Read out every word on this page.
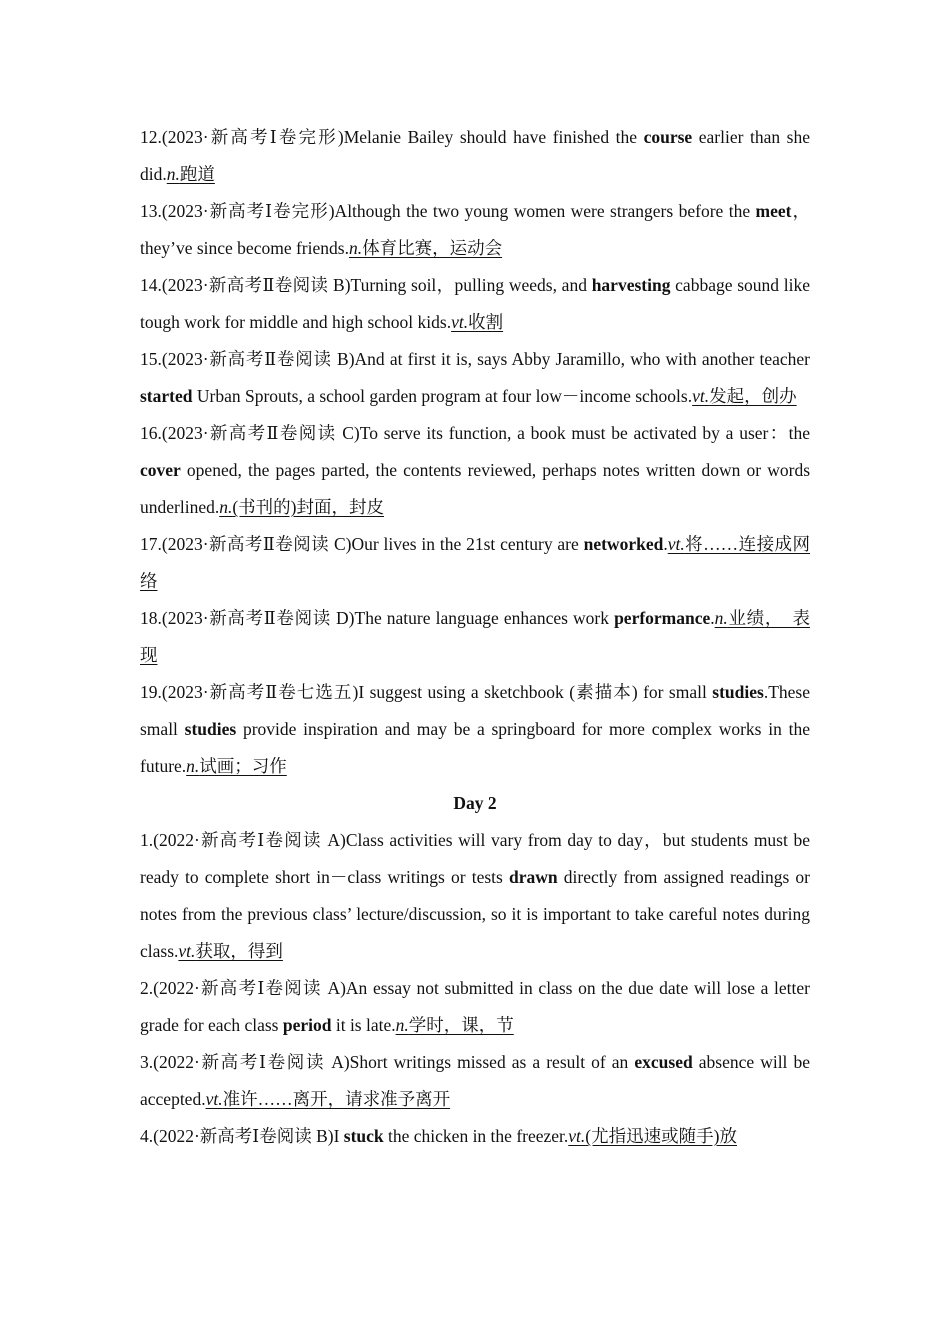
12.(2023·新高考Ⅰ卷完形)Melanie Bailey should have finished the course earlier than she did.n.跑道

13.(2023·新高考Ⅰ卷完形)Although the two young women were strangers before the meet，they’ve since become friends.n.体育比赛，运动会

14.(2023·新高考Ⅱ卷阅读 B)Turning soil，pulling weeds, and harvesting cabbage sound like tough work for middle and high school kids.vt.收割

15.(2023·新高考Ⅱ卷阅读 B)And at first it is, says Abby Jaramillo, who with another teacher started Urban Sprouts, a school garden program at four low－income schools.vt.发起，创办

16.(2023·新高考Ⅱ卷阅读 C)To serve its function, a book must be activated by a user：the cover opened, the pages parted, the contents reviewed, perhaps notes written down or words underlined.n.(书刊的)封面，封皮

17.(2023·新高考Ⅱ卷阅读 C)Our lives in the 21st century are networked.vt.将……连接成网络

18.(2023·新高考Ⅱ卷阅读 D)The nature language enhances work performance.n.业绩，　表现

19.(2023·新高考Ⅱ卷七选五)I suggest using a sketchbook (素描本) for small studies.These small studies provide inspiration and may be a springboard for more complex works in the future.n.试画；习作

Day 2

1.(2022·新高考Ⅰ卷阅读 A)Class activities will vary from day to day，but students must be ready to complete short in－class writings or tests drawn directly from assigned readings or notes from the previous class’ lecture/discussion, so it is important to take careful notes during class.vt.获取，得到

2.(2022·新高考Ⅰ卷阅读 A)An essay not submitted in class on the due date will lose a letter grade for each class period it is late.n.学时，课，节

3.(2022·新高考Ⅰ卷阅读 A)Short writings missed as a result of an excused absence will be accepted.vt.准许……离开，请求准予离开

4.(2022·新高考Ⅰ卷阅读 B)I stuck the chicken in the freezer.vt.(尤指迅速或随手)放
